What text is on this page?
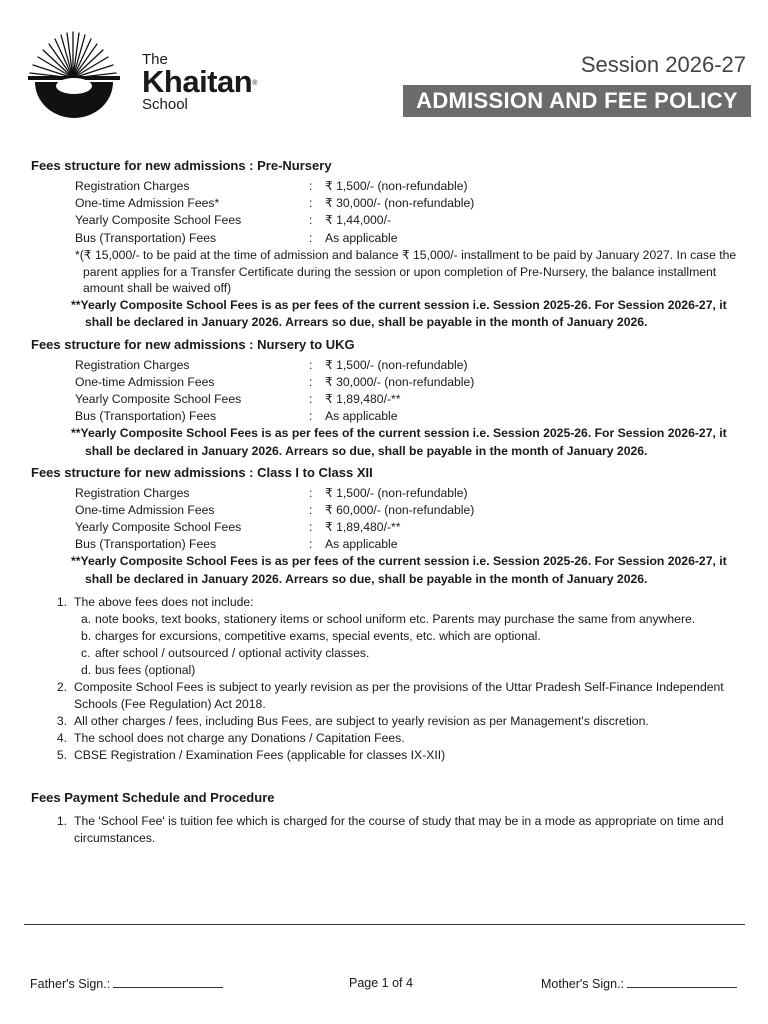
The
Khaitan®
School
Session 2026-27
ADMISSION AND FEE POLICY
Fees structure for new admissions : Pre-Nursery
Registration Charges	:	₹ 1,500/- (non-refundable)
One-time Admission Fees*	:	₹ 30,000/- (non-refundable)
Yearly Composite School Fees	:	₹ 1,44,000/-
Bus (Transportation) Fees	:	As applicable
*(₹ 15,000/- to be paid at the time of admission and balance ₹ 15,000/- installment to be paid by January 2027. In case the parent applies for a Transfer Certificate during the session or upon completion of Pre-Nursery, the balance installment amount shall be waived off)
**Yearly Composite School Fees is as per fees of the current session i.e. Session 2025-26. For Session 2026-27, it shall be declared in January 2026. Arrears so due, shall be payable in the month of January 2026.
Fees structure for new admissions : Nursery to UKG
Registration Charges	:	₹ 1,500/- (non-refundable)
One-time Admission Fees	:	₹ 30,000/- (non-refundable)
Yearly Composite School Fees	:	₹ 1,89,480/-**
Bus (Transportation) Fees	:	As applicable
**Yearly Composite School Fees is as per fees of the current session i.e. Session 2025-26. For Session 2026-27, it shall be declared in January 2026. Arrears so due, shall be payable in the month of January 2026.
Fees structure for new admissions : Class I to Class XII
Registration Charges	:	₹ 1,500/- (non-refundable)
One-time Admission Fees	:	₹ 60,000/- (non-refundable)
Yearly Composite School Fees	:	₹ 1,89,480/-**
Bus (Transportation) Fees	:	As applicable
**Yearly Composite School Fees is as per fees of the current session i.e. Session 2025-26. For Session 2026-27, it shall be declared in January 2026. Arrears so due, shall be payable in the month of January 2026.
1. The above fees does not include:
a. note books, text books, stationery items or school uniform etc. Parents may purchase the same from anywhere.
b. charges for excursions, competitive exams, special events, etc. which are optional.
c. after school / outsourced / optional activity classes.
d. bus fees (optional)
2. Composite School Fees is subject to yearly revision as per the provisions of the Uttar Pradesh Self-Finance Independent Schools (Fee Regulation) Act 2018.
3. All other charges / fees, including Bus Fees, are subject to yearly revision as per Management's discretion.
4. The school does not charge any Donations / Capitation Fees.
5. CBSE Registration / Examination Fees (applicable for classes IX-XII)
Fees Payment Schedule and Procedure
1. The 'School Fee' is tuition fee which is charged for the course of study that may be in a mode as appropriate on time and circumstances.
Father's Sign.:	Page 1 of 4	Mother's Sign.:
